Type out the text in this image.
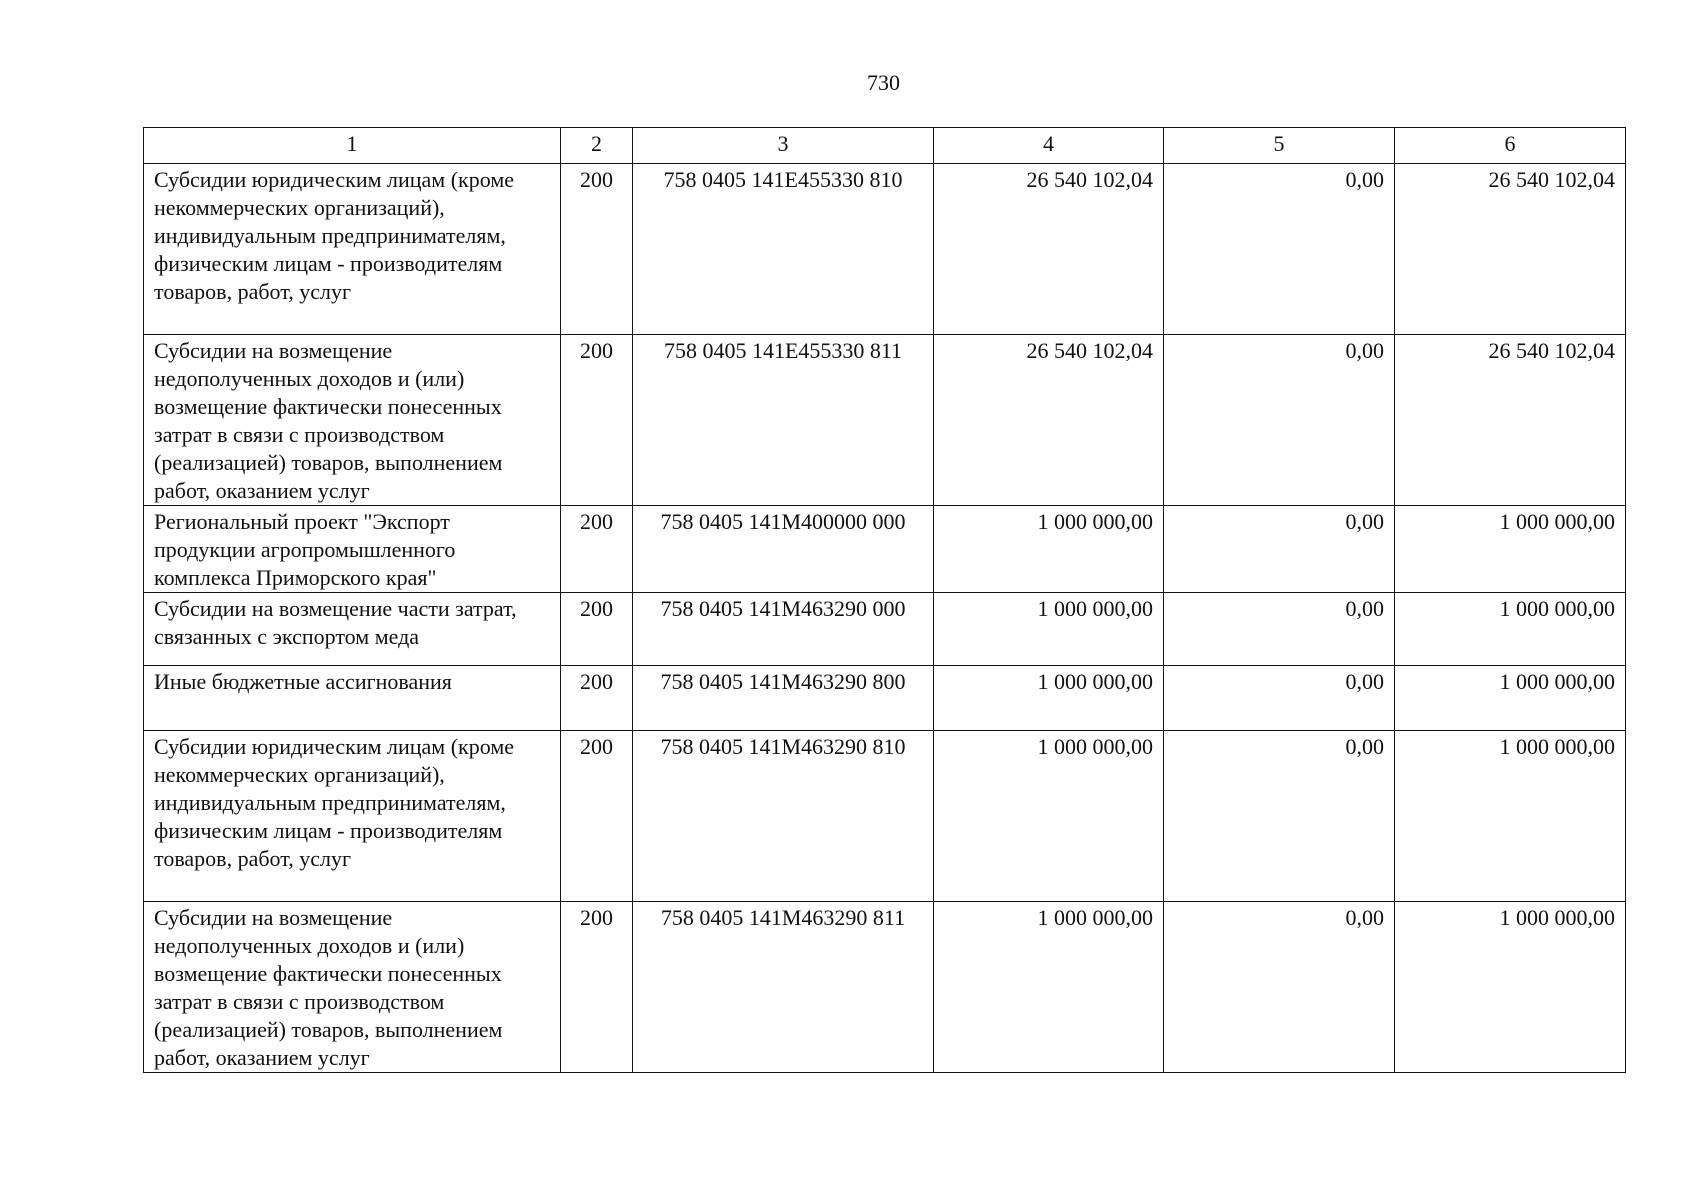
730
1	2	3	4	5	6
Субсидии юридическим лицам (кроме некоммерческих организаций), индивидуальным предпринимателям, физическим лицам - производителям товаров, работ, услуг	200	758 0405 141E455330 810	26 540 102,04	0,00	26 540 102,04
Субсидии на возмещение недополученных доходов и (или) возмещение фактически понесенных затрат в связи с производством (реализацией) товаров, выполнением работ, оказанием услуг	200	758 0405 141E455330 811	26 540 102,04	0,00	26 540 102,04
Региональный проект "Экспорт продукции агропромышленного комплекса Приморского края"	200	758 0405 141M400000 000	1 000 000,00	0,00	1 000 000,00
Субсидии на возмещение части затрат, связанных с экспортом меда	200	758 0405 141M463290 000	1 000 000,00	0,00	1 000 000,00
Иные бюджетные ассигнования	200	758 0405 141M463290 800	1 000 000,00	0,00	1 000 000,00
Субсидии юридическим лицам (кроме некоммерческих организаций), индивидуальным предпринимателям, физическим лицам - производителям товаров, работ, услуг	200	758 0405 141M463290 810	1 000 000,00	0,00	1 000 000,00
Субсидии на возмещение недополученных доходов и (или) возмещение фактически понесенных затрат в связи с производством (реализацией) товаров, выполнением работ, оказанием услуг	200	758 0405 141M463290 811	1 000 000,00	0,00	1 000 000,00
